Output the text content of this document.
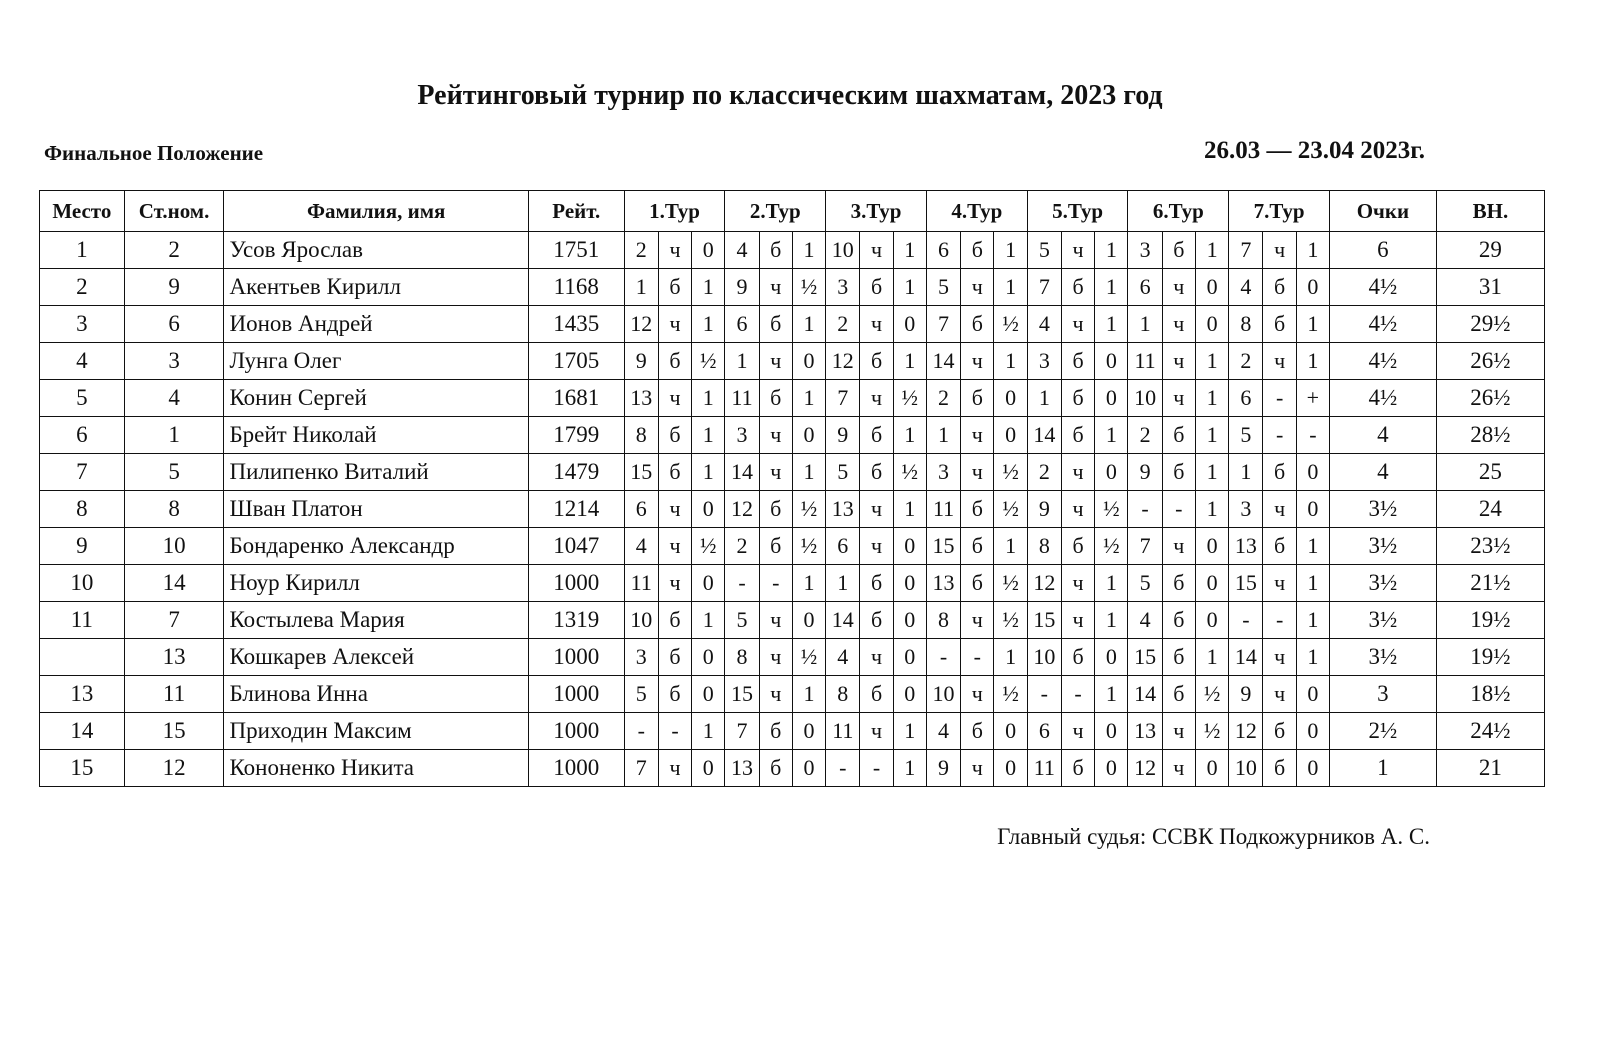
Рейтинговый турнир по классическим шахматам, 2023 год
Финальное Положение	26.03 — 23.04 2023г.
Место	Ст.ном.	Фамилия, имя	Рейт.	1.Тур			2.Тур			3.Тур			4.Тур			5.Тур			6.Тур			7.Тур			Очки	ВН.
1	2	Усов Ярослав	1751	2	ч	0	4	б	1	10	ч	1	6	б	1	5	ч	1	3	б	1	7	ч	1	6	29
2	9	Акентьев Кирилл	1168	1	б	1	9	ч	½	3	б	1	5	ч	1	7	б	1	6	ч	0	4	б	0	4½	31
3	6	Ионов Андрей	1435	12	ч	1	6	б	1	2	ч	0	7	б	½	4	ч	1	1	ч	0	8	б	1	4½	29½
4	3	Лунга Олег	1705	9	б	½	1	ч	0	12	б	1	14	ч	1	3	б	0	11	ч	1	2	ч	1	4½	26½
5	4	Конин Сергей	1681	13	ч	1	11	б	1	7	ч	½	2	б	0	1	б	0	10	ч	1	6	-	+	4½	26½
6	1	Брейт Николай	1799	8	б	1	3	ч	0	9	б	1	1	ч	0	14	б	1	2	б	1	5	-	-	4	28½
7	5	Пилипенко Виталий	1479	15	б	1	14	ч	1	5	б	½	3	ч	½	2	ч	0	9	б	1	1	б	0	4	25
8	8	Шван Платон	1214	6	ч	0	12	б	½	13	ч	1	11	б	½	9	ч	½	-	-	1	3	ч	0	3½	24
9	10	Бондаренко Александр	1047	4	ч	½	2	б	½	6	ч	0	15	б	1	8	б	½	7	ч	0	13	б	1	3½	23½
10	14	Ноур Кирилл	1000	11	ч	0	-	-	1	1	б	0	13	б	½	12	ч	1	5	б	0	15	ч	1	3½	21½
11	7	Костылева Мария	1319	10	б	1	5	ч	0	14	б	0	8	ч	½	15	ч	1	4	б	0	-	-	1	3½	19½
	13	Кошкарев Алексей	1000	3	б	0	8	ч	½	4	ч	0	-	-	1	10	б	0	15	б	1	14	ч	1	3½	19½
13	11	Блинова Инна	1000	5	б	0	15	ч	1	8	б	0	10	ч	½	-	-	1	14	б	½	9	ч	0	3	18½
14	15	Приходин Максим	1000	-	-	1	7	б	0	11	ч	1	4	б	0	6	ч	0	13	ч	½	12	б	0	2½	24½
15	12	Кононенко Никита	1000	7	ч	0	13	б	0	-	-	1	9	ч	0	11	б	0	12	ч	0	10	б	0	1	21
Главный судья: ССВК Подкожурников А. С.
